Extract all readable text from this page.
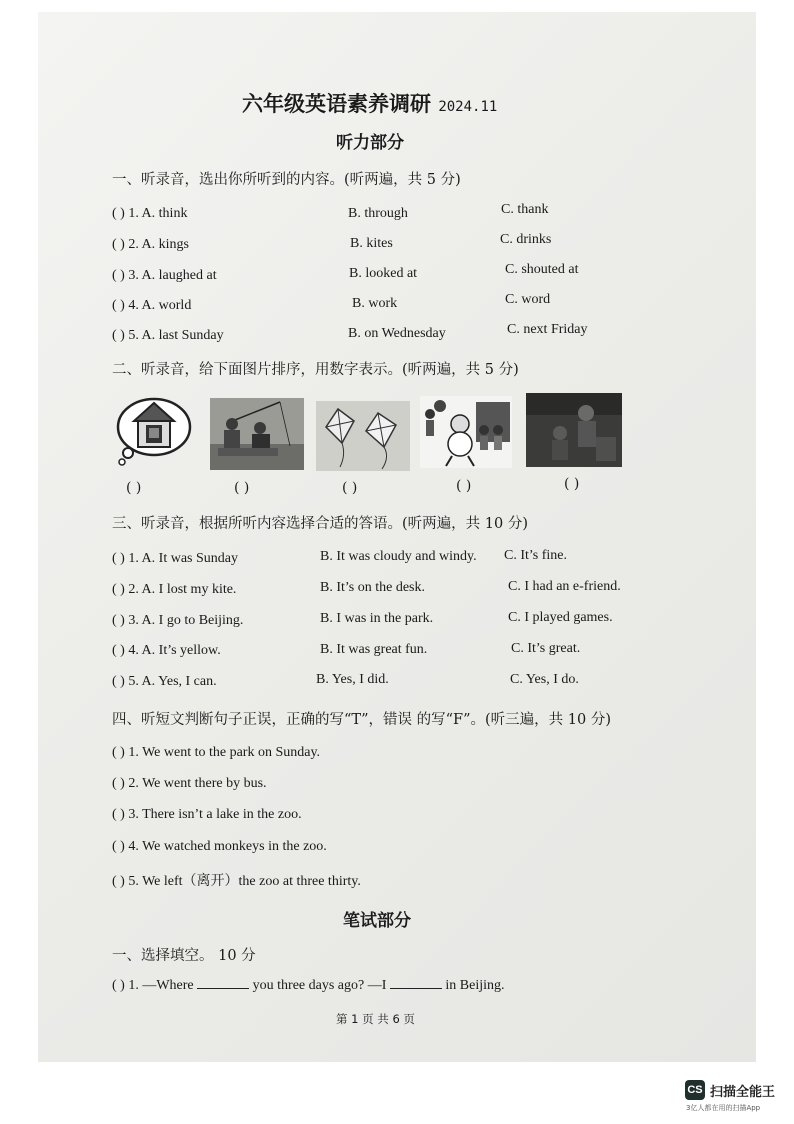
六年级英语素养调研 2024.11
听力部分
一、听录音，选出你所听到的内容。(听两遍，共 5 分)
( ) 1. A. think	B. through	C. thank
( ) 2. A. kings	B. kites	C. drinks
( ) 3. A. laughed at	B. looked at	C. shouted at
( ) 4. A. world	B. work	C. word
( ) 5. A. last Sunday	B. on Wednesday	C. next Friday
二、听录音，给下面图片排序，用数字表示。(听两遍，共 5 分)
( )	( )	( )	( )	( )
三、听录音，根据所听内容选择合适的答语。(听两遍，共 10 分)
( ) 1. A. It was Sunday	B. It was cloudy and windy. C. It’s fine.
( ) 2. A. I lost my kite.	B. It’s on the desk.	C. I had an e-friend.
( ) 3. A. I go to Beijing.	B. I was in the park.	C. I played games.
( ) 4. A. It’s yellow.	B. It was great fun.	C. It’s great.
( ) 5. A. Yes, I can.	B. Yes, I did.	C. Yes, I do.
四、听短文判断句子正误，正确的写“T”，错误 的写“F”。(听三遍，共 10 分)
( ) 1. We went to the park on Sunday.
( ) 2. We went there by bus.
( ) 3. There isn’t a lake in the zoo.
( ) 4. We watched monkeys in the zoo.
( ) 5. We left（离开）the zoo at three thirty.
笔试部分
一、选择填空。 10 分
( ) 1. —Where	you three days ago? —I	in Beijing.
第 1 页 共 6 页
CS 扫描全能王
3亿人都在用的扫描App
